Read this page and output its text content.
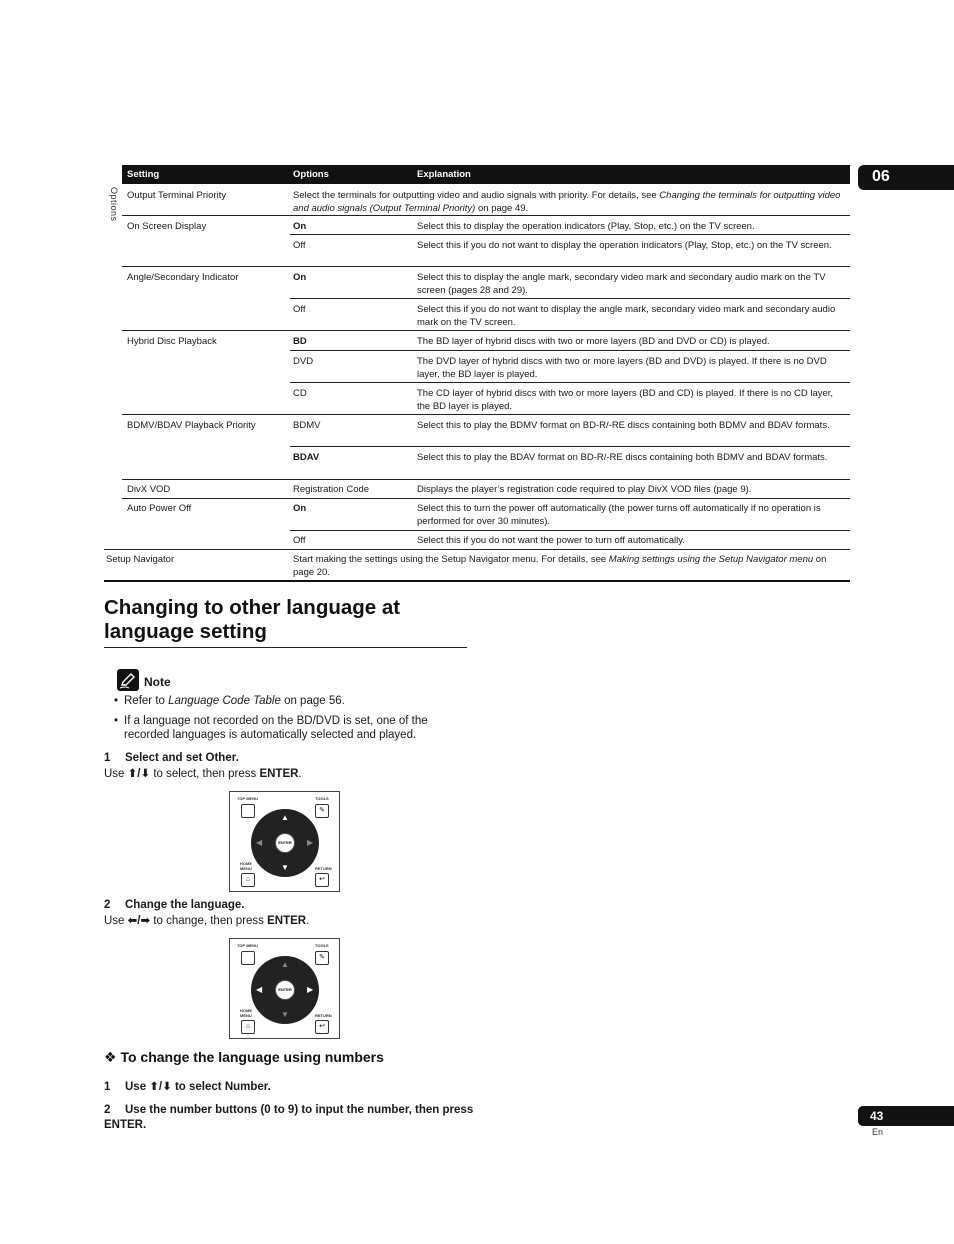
06
Setting	Options	Explanation
Options Output Terminal Priority	Select the terminals for outputting video and audio signals with priority. For details, see Changing the terminals for outputting video and audio signals (Output Terminal Priority) on page 49.
On Screen Display	On	Select this to display the operation indicators (Play, Stop, etc.) on the TV screen.
Off	Select this if you do not want to display the operation indicators (Play, Stop, etc.) on the TV screen.
Angle/Secondary Indicator	On	Select this to display the angle mark, secondary video mark and secondary audio mark on the TV screen (pages 28 and 29).
Off	Select this if you do not want to display the angle mark, secondary video mark and secondary audio mark on the TV screen.
Hybrid Disc Playback	BD	The BD layer of hybrid discs with two or more layers (BD and DVD or CD) is played.
DVD	The DVD layer of hybrid discs with two or more layers (BD and DVD) is played. If there is no DVD layer, the BD layer is played.
CD	The CD layer of hybrid discs with two or more layers (BD and CD) is played. If there is no CD layer, the BD layer is played.
BDMV/BDAV Playback Priority	BDMV	Select this to play the BDMV format on BD-R/-RE discs containing both BDMV and BDAV formats.
BDAV	Select this to play the BDAV format on BD-R/-RE discs containing both BDMV and BDAV formats.
DivX VOD	Registration Code	Displays the player’s registration code required to play DivX VOD files (page 9).
Auto Power Off	On	Select this to turn the power off automatically (the power turns off automatically if no operation is performed for over 30 minutes).
Off	Select this if you do not want the power to turn off automatically.
Setup Navigator	Start making the settings using the Setup Navigator menu. For details, see Making settings using the Setup Navigator menu on page 20.
Changing to other language at language setting
Note
• Refer to Language Code Table on page 56.
• If a language not recorded on the BD/DVD is set, one of the recorded languages is automatically selected and played.
1 Select and set Other.
Use ⬆/⬇ to select, then press ENTER.
TOP MENU	TOOLS
✎
ENTER
▲
▼
◀	▶
HOME
MENU
⌂
RETURN
↩
2 Change the language.
Use ⬅/➡ to change, then press ENTER.
TOP MENU	TOOLS
✎
ENTER
▲
▼
◀	▶
HOME
MENU
⌂
RETURN
↩
❖ To change the language using numbers
1 Use ⬆/⬇ to select Number.
2 Use the number buttons (0 to 9) to input the number, then press ENTER.
43
En
